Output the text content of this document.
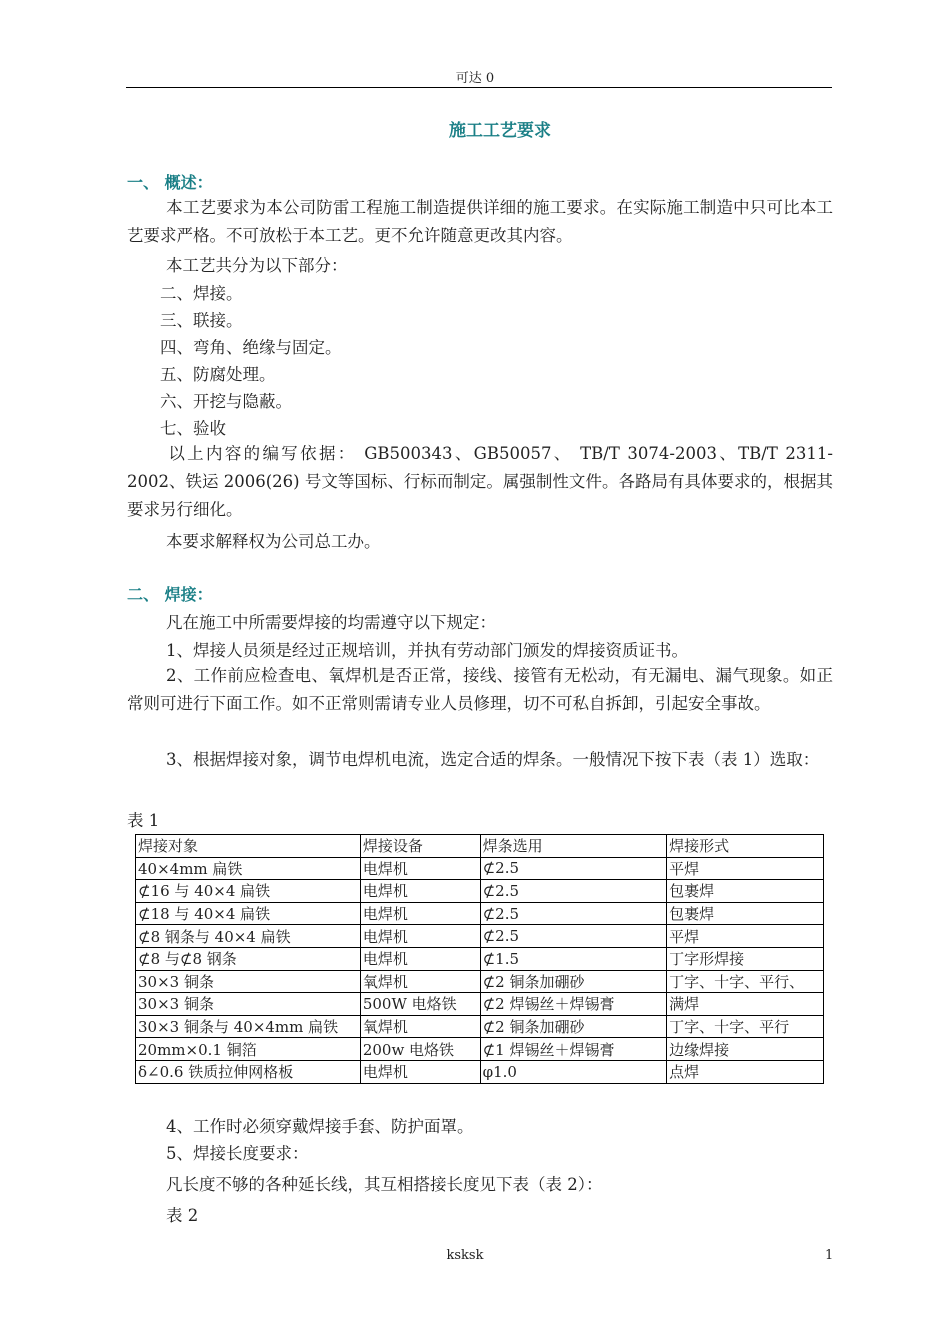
可达 0
施工工艺要求
一、 概述：
本工艺要求为本公司防雷工程施工制造提供详细的施工要求。在实际施工制造中只可比本工艺要求严格。不可放松于本工艺。更不允许随意更改其内容。
本工艺共分为以下部分：
二、焊接。
三、联接。
四、弯角、绝缘与固定。
五、防腐处理。
六、开挖与隐蔽。
七、验收
以上内容的编写依据： GB500343、GB50057、 TB/T 3074-2003、TB/T 2311-2002、铁运 2006(26) 号文等国标、行标而制定。属强制性文件。各路局有具体要求的，根据其要求另行细化。
本要求解释权为公司总工办。
二、 焊接：
凡在施工中所需要焊接的均需遵守以下规定：
1、焊接人员须是经过正规培训，并执有劳动部门颁发的焊接资质证书。
2、工作前应检查电、氧焊机是否正常，接线、接管有无松动，有无漏电、漏气现象。如正常则可进行下面工作。如不正常则需请专业人员修理，切不可私自拆卸，引起安全事故。
3、根据焊接对象，调节电焊机电流，选定合适的焊条。一般情况下按下表（表 1）选取：
表 1
焊接对象	焊接设备	焊条选用	焊接形式
40×4mm 扁铁	电焊机	⊄2.5	平焊
⊄16 与 40×4 扁铁	电焊机	⊄2.5	包裹焊
⊄18 与 40×4 扁铁	电焊机	⊄2.5	包裹焊
⊄8 钢条与 40×4 扁铁	电焊机	⊄2.5	平焊
⊄8 与⊄8 钢条	电焊机	⊄1.5	丁字形焊接
30×3 铜条	氧焊机	⊄2 铜条加硼砂	丁字、十字、平行、
30×3 铜条	500W 电烙铁	⊄2 焊锡丝＋焊锡膏	满焊
30×3 铜条与 40×4mm 扁铁	氧焊机	⊄2 铜条加硼砂	丁字、十字、平行
20mm×0.1 铜箔	200w 电烙铁	⊄1 焊锡丝＋焊锡膏	边缘焊接
δ∠0.6 铁质拉伸网格板	电焊机	φ1.0	点焊
4、工作时必须穿戴焊接手套、防护面罩。
5、焊接长度要求：
凡长度不够的各种延长线，其互相搭接长度见下表（表 2）：
表 2
ksksk	1
